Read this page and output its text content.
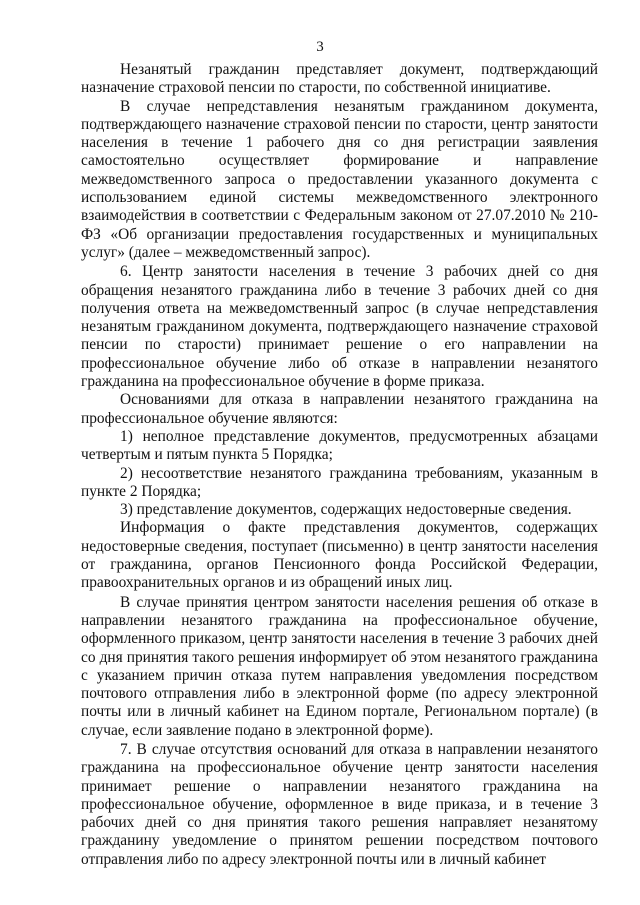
3

Незанятый гражданин представляет документ, подтверждающий назначение страховой пенсии по старости, по собственной инициативе.

В случае непредставления незанятым гражданином документа, подтверждающего назначение страховой пенсии по старости, центр занятости населения в течение 1 рабочего дня со дня регистрации заявления самостоятельно осуществляет формирование и направление межведомственного запроса о предоставлении указанного документа с использованием единой системы межведомственного электронного взаимодействия в соответствии с Федеральным законом от 27.07.2010 № 210-ФЗ «Об организации предоставления государственных и муниципальных услуг» (далее – межведомственный запрос).

6. Центр занятости населения в течение 3 рабочих дней со дня обращения незанятого гражданина либо в течение 3 рабочих дней со дня получения ответа на межведомственный запрос (в случае непредставления незанятым гражданином документа, подтверждающего назначение страховой пенсии по старости) принимает решение о его направлении на профессиональное обучение либо об отказе в направлении незанятого гражданина на профессиональное обучение в форме приказа.

Основаниями для отказа в направлении незанятого гражданина на профессиональное обучение являются:

1) неполное представление документов, предусмотренных абзацами четвертым и пятым пункта 5 Порядка;

2) несоответствие незанятого гражданина требованиям, указанным в пункте 2 Порядка;

3) представление документов, содержащих недостоверные сведения.

Информация о факте представления документов, содержащих недостоверные сведения, поступает (письменно) в центр занятости населения от гражданина, органов Пенсионного фонда Российской Федерации, правоохранительных органов и из обращений иных лиц.

В случае принятия центром занятости населения решения об отказе в направлении незанятого гражданина на профессиональное обучение, оформленного приказом, центр занятости населения в течение 3 рабочих дней со дня принятия такого решения информирует об этом незанятого гражданина с указанием причин отказа путем направления уведомления посредством почтового отправления либо в электронной форме (по адресу электронной почты или в личный кабинет на Едином портале, Региональном портале) (в случае, если заявление подано в электронной форме).

7. В случае отсутствия оснований для отказа в направлении незанятого гражданина на профессиональное обучение центр занятости населения принимает решение о направлении незанятого гражданина на профессиональное обучение, оформленное в виде приказа, и в течение 3 рабочих дней со дня принятия такого решения направляет незанятому гражданину уведомление о принятом решении посредством почтового отправления либо по адресу электронной почты или в личный кабинет
